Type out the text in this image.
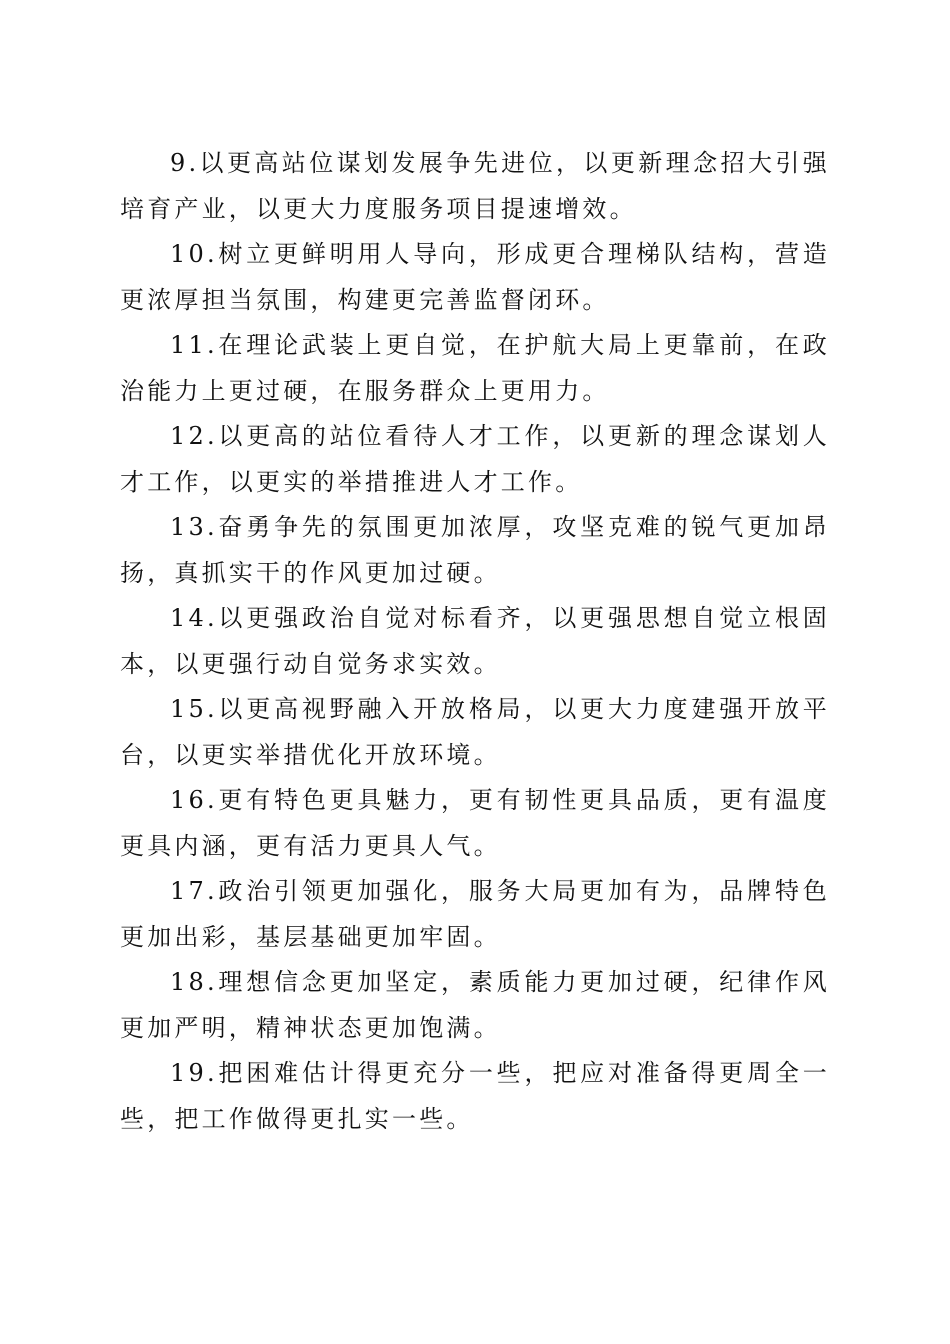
9.以更高站位谋划发展争先进位，以更新理念招大引强培育产业，以更大力度服务项目提速增效。

10.树立更鲜明用人导向，形成更合理梯队结构，营造更浓厚担当氛围，构建更完善监督闭环。

11.在理论武装上更自觉，在护航大局上更靠前，在政治能力上更过硬，在服务群众上更用力。

12.以更高的站位看待人才工作，以更新的理念谋划人才工作，以更实的举措推进人才工作。

13.奋勇争先的氛围更加浓厚，攻坚克难的锐气更加昂扬，真抓实干的作风更加过硬。

14.以更强政治自觉对标看齐，以更强思想自觉立根固本，以更强行动自觉务求实效。

15.以更高视野融入开放格局，以更大力度建强开放平台，以更实举措优化开放环境。

16.更有特色更具魅力，更有韧性更具品质，更有温度更具内涵，更有活力更具人气。

17.政治引领更加强化，服务大局更加有为，品牌特色更加出彩，基层基础更加牢固。

18.理想信念更加坚定，素质能力更加过硬，纪律作风更加严明，精神状态更加饱满。

19.把困难估计得更充分一些，把应对准备得更周全一些，把工作做得更扎实一些。
